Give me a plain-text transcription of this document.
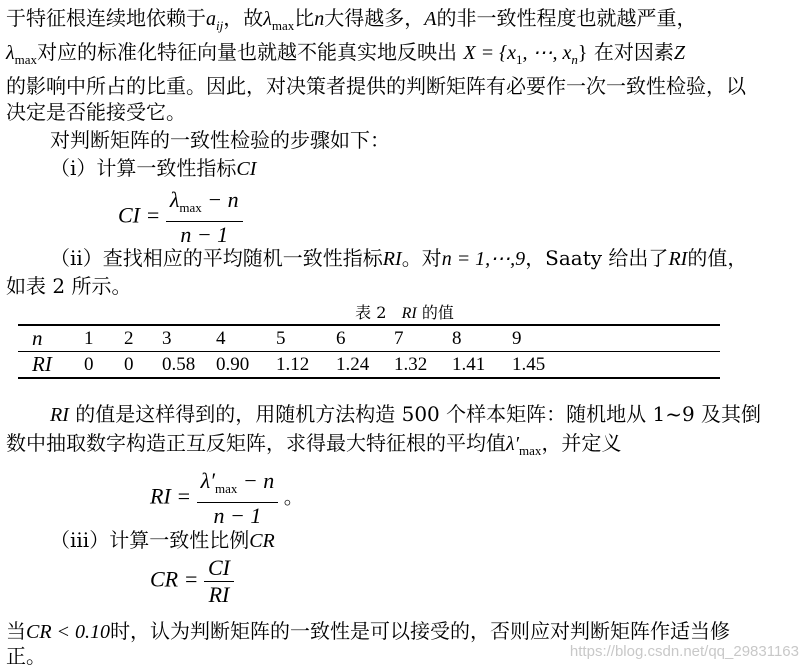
于特征根连续地依赖于$a_{ij}$，故$\lambda_{max}$比n大得越多，A的非一致性程度也就越严重，
$\lambda_{max}$对应的标准化特征向量也就越不能真实地反映出 $X = \{x_1$, ⋯, $x_n$} 在对因素Z
的影响中所占的比重。因此，对决策者提供的判断矩阵有必要作一次一致性检验，以
决定是否能接受它。
对判断矩阵的一致性检验的步骤如下：
（i）计算一致性指标CI
CI = $\frac{\lambda_{max} - n}{n - 1}$
（ii）查找相应的平均随机一致性指标RI。对n = 1,⋯,9，Saaty 给出了RI的值，
如表 2 所示。
表 2 RI 的值
n	1	2	3	4	5	6	7	8	9
RI	0	0	0.58	0.90	1.12	1.24	1.32	1.41	1.45
RI 的值是这样得到的，用随机方法构造 500 个样本矩阵：随机地从 1~9 及其倒
数中抽取数字构造正互反矩阵，求得最大特征根的平均值$\lambda'_{max}$，并定义
RI = $\frac{\lambda'_{max} - n}{n - 1}$ 。
（iii）计算一致性比例CR
CR = $\frac{CI}{RI}$
当CR < 0.10时，认为判断矩阵的一致性是可以接受的，否则应对判断矩阵作适当修
正。	https://blog.csdn.net/qq_29831163
